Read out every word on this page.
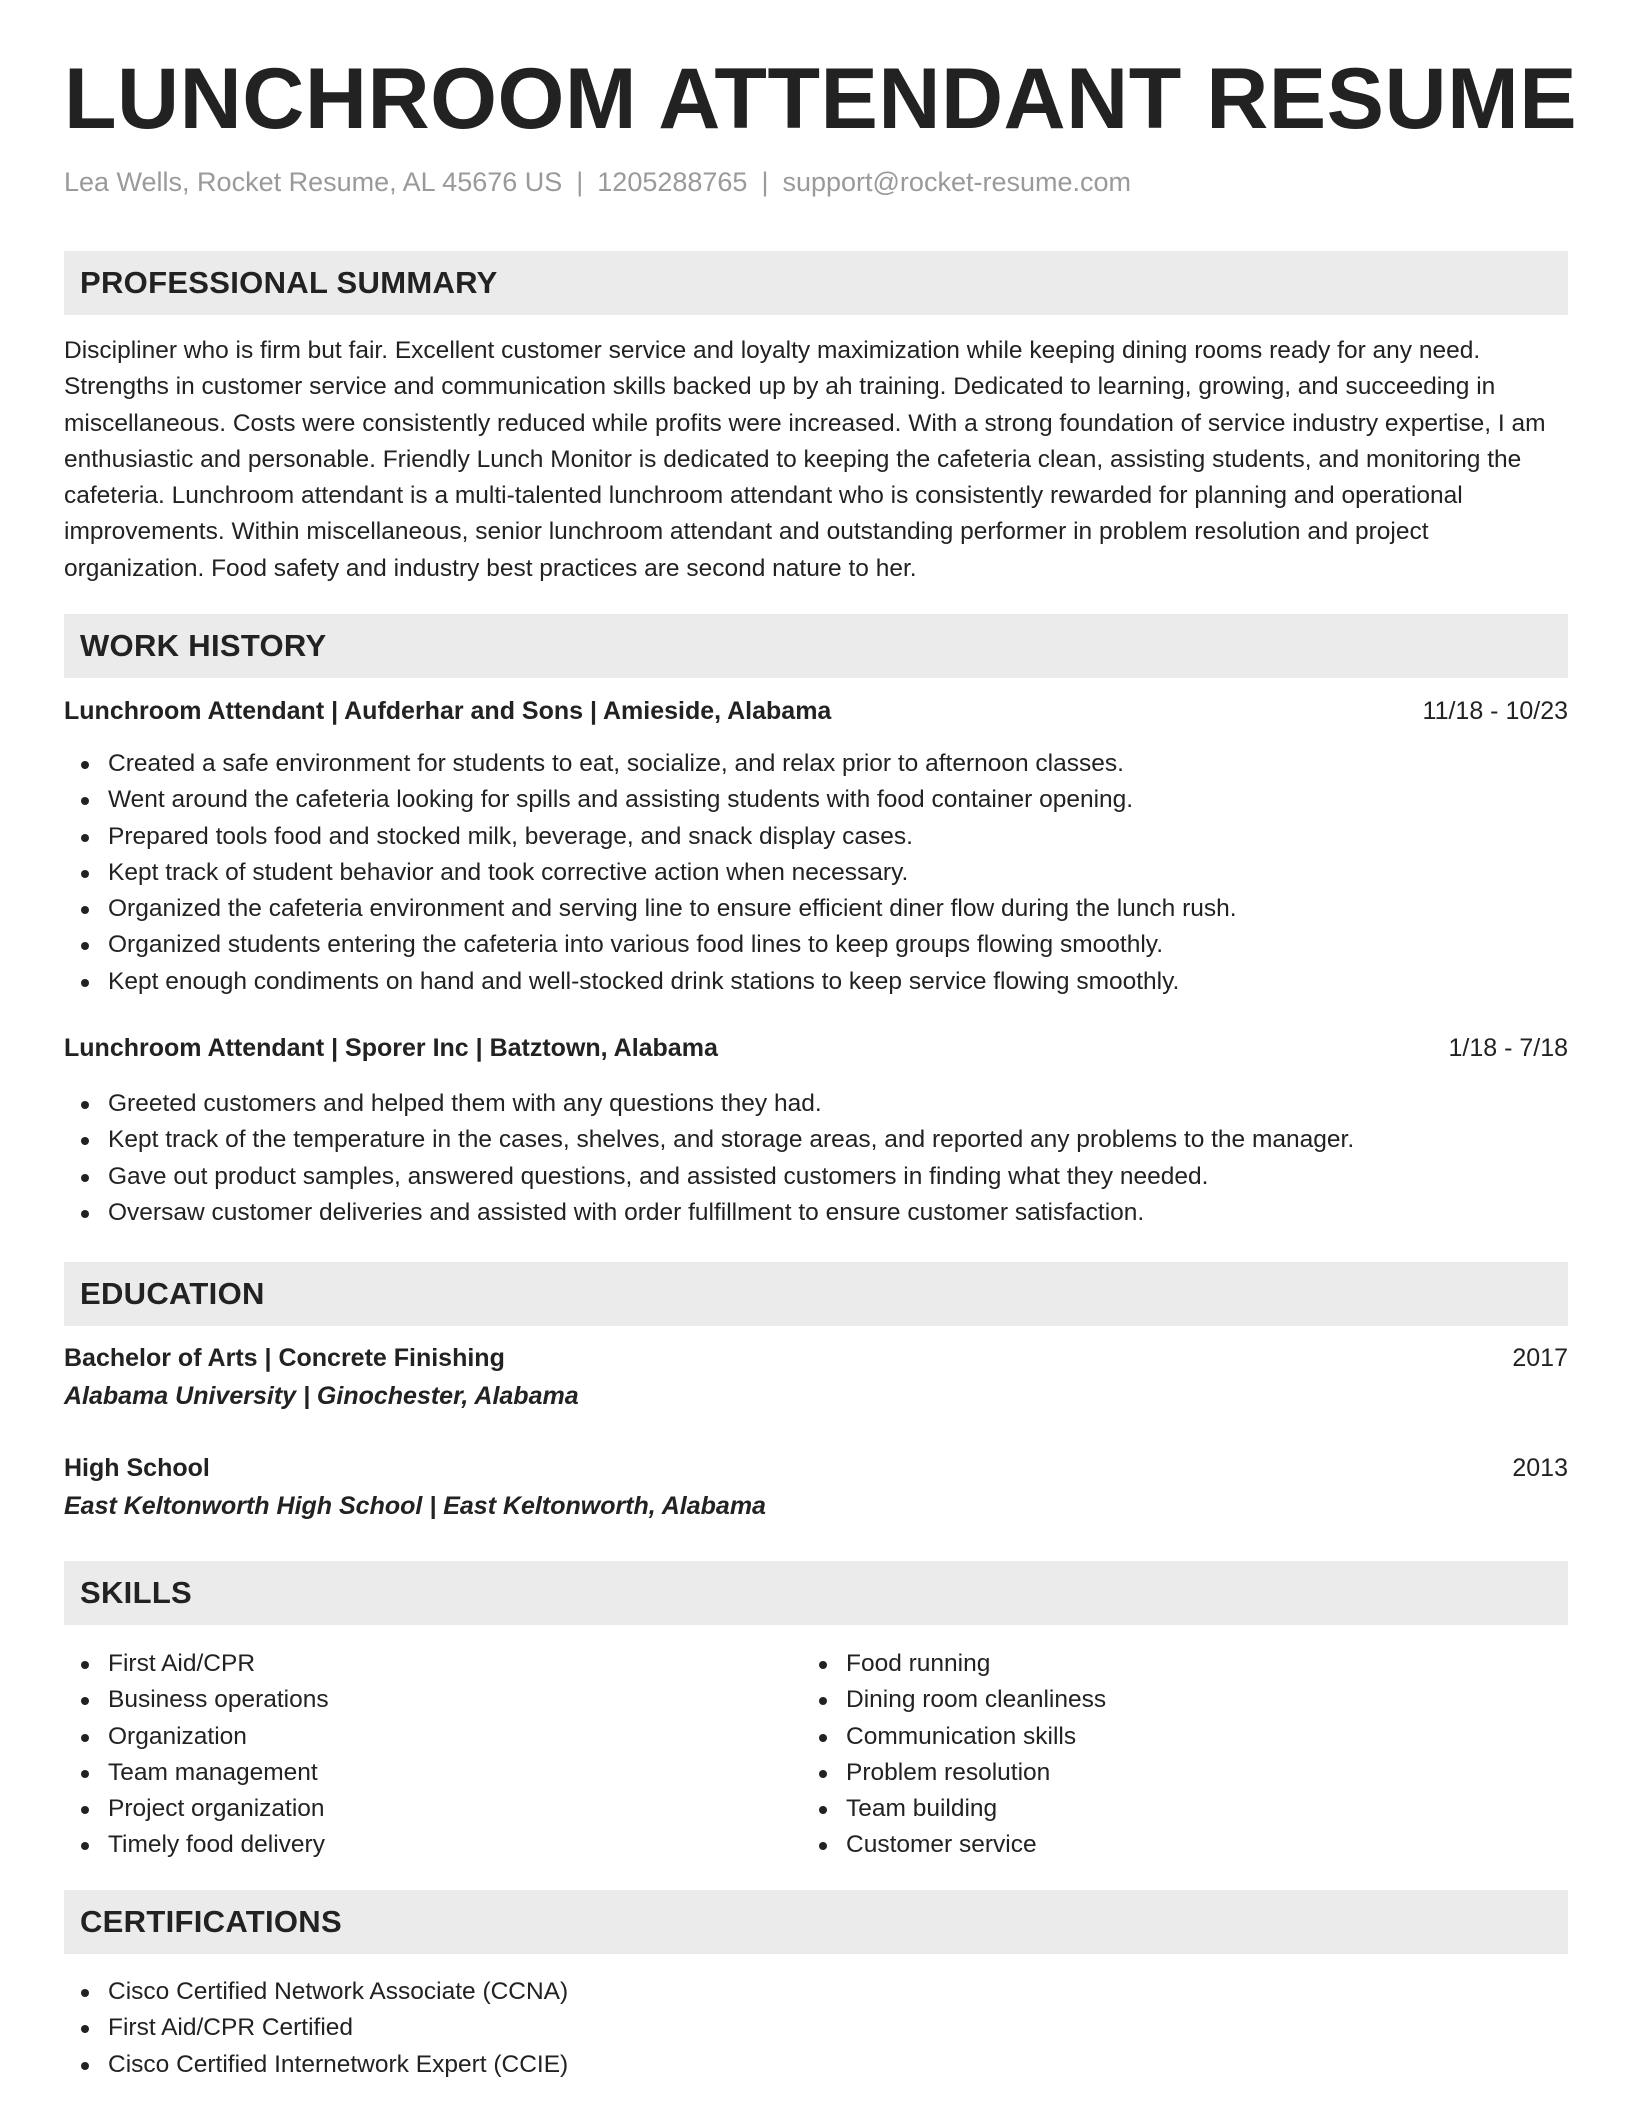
LUNCHROOM ATTENDANT RESUME
Lea Wells, Rocket Resume, AL 45676 US | 1205288765 | support@rocket-resume.com
PROFESSIONAL SUMMARY

Discipliner who is firm but fair. Excellent customer service and loyalty maximization while keeping dining rooms ready for any need. Strengths in customer service and communication skills backed up by ah training. Dedicated to learning, growing, and succeeding in miscellaneous. Costs were consistently reduced while profits were increased. With a strong foundation of service industry expertise, I am enthusiastic and personable. Friendly Lunch Monitor is dedicated to keeping the cafeteria clean, assisting students, and monitoring the cafeteria. Lunchroom attendant is a multi-talented lunchroom attendant who is consistently rewarded for planning and operational improvements. Within miscellaneous, senior lunchroom attendant and outstanding performer in problem resolution and project organization. Food safety and industry best practices are second nature to her.

WORK HISTORY
Lunchroom Attendant | Aufderhar and Sons | Amieside, Alabama	11/18 - 10/23
Created a safe environment for students to eat, socialize, and relax prior to afternoon classes.
Went around the cafeteria looking for spills and assisting students with food container opening.
Prepared tools food and stocked milk, beverage, and snack display cases.
Kept track of student behavior and took corrective action when necessary.
Organized the cafeteria environment and serving line to ensure efficient diner flow during the lunch rush.
Organized students entering the cafeteria into various food lines to keep groups flowing smoothly.
Kept enough condiments on hand and well-stocked drink stations to keep service flowing smoothly.
Lunchroom Attendant | Sporer Inc | Batztown, Alabama	1/18 - 7/18
Greeted customers and helped them with any questions they had.
Kept track of the temperature in the cases, shelves, and storage areas, and reported any problems to the manager.
Gave out product samples, answered questions, and assisted customers in finding what they needed.
Oversaw customer deliveries and assisted with order fulfillment to ensure customer satisfaction.
EDUCATION
Bachelor of Arts | Concrete Finishing	2017
Alabama University | Ginochester, Alabama
High School	2013
East Keltonworth High School | East Keltonworth, Alabama
SKILLS
First Aid/CPR
Business operations
Organization
Team management
Project organization
Timely food delivery
Food running
Dining room cleanliness
Communication skills
Problem resolution
Team building
Customer service
CERTIFICATIONS
Cisco Certified Network Associate (CCNA)
First Aid/CPR Certified
Cisco Certified Internetwork Expert (CCIE)
